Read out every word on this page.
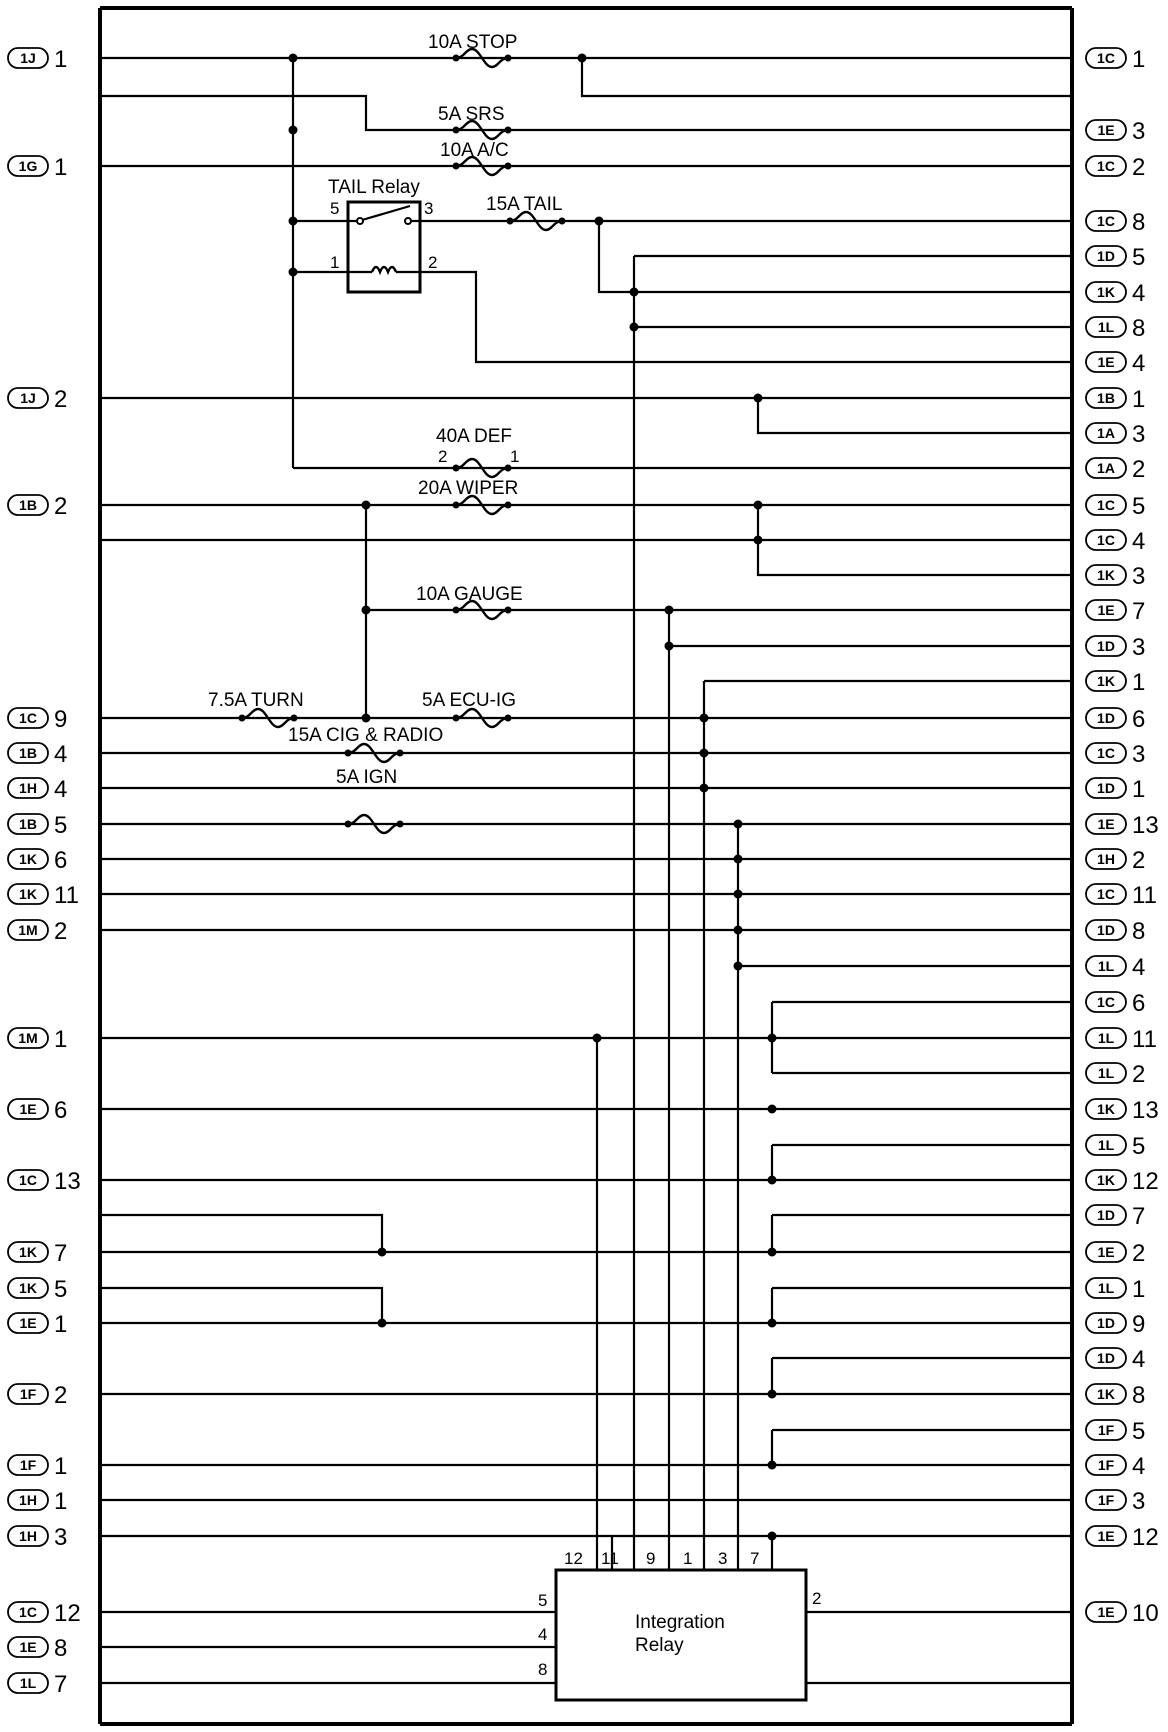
TAIL Relay
5	3
1	2
Integration
Relay
12 11 9 1 3 7
5
4
8
2
2	1
10A STOP
5A SRS
10A A/C
15A TAIL
40A DEF
20A WIPER
10A GAUGE
7.5A TURN	5A ECU-IG
15A CIG & RADIO
5A IGN
1J 1
1G 1
1J 2
1B 2
1C 9
1B 4
1H 4
1B 5
1K 6
1K 11
1M 2
1M 1
1E 6
1C 13
1K 7
1K 5
1E 1
1F 2
1F 1
1H 1
1H 3
1C 12
1E 8
1L 7
1C 1
1E 3
1C 2
1C 8
1D 5
1K 4
1L 8
1E 4
1B 1
1A 3
1A 2
1C 5
1C 4
1K 3
1E 7
1D 3
1K 1
1D 6
1C 3
1D 1
1E 13
1H 2
1C 11
1D 8
1L 4
1C 6
1L 11
1L 2
1K 13
1L 5
1K 12
1D 7
1E 2
1L 1
1D 9
1D 4
1K 8
1F 5
1F 4
1F 3
1E 12
1E 10
